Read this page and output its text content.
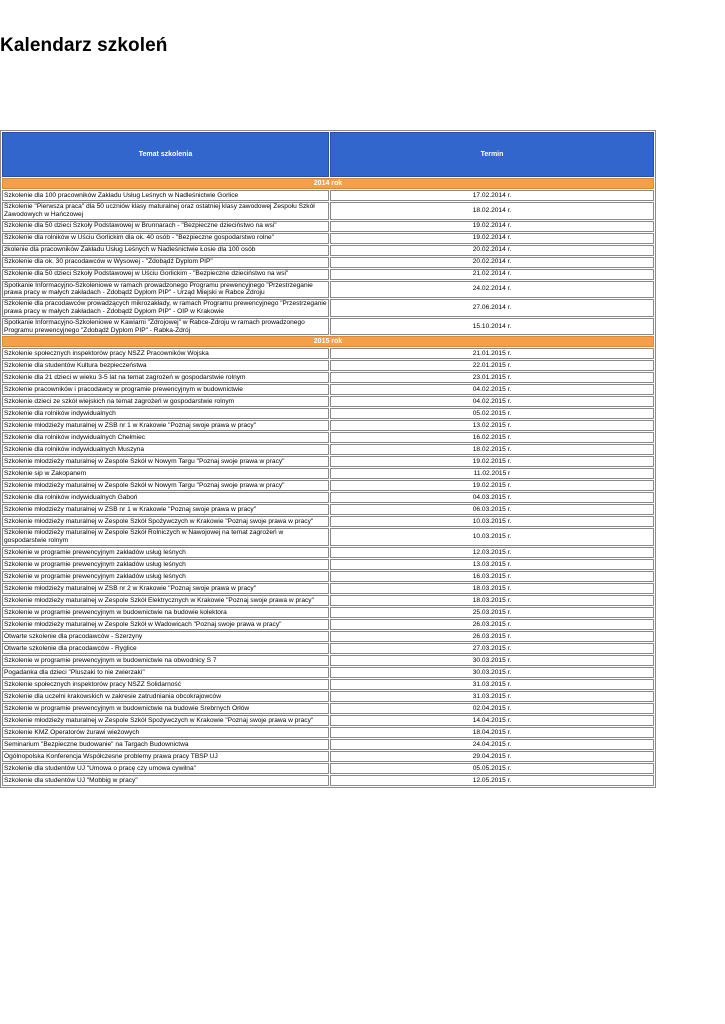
Kalendarz szkoleń
Temat szkolenia	Termin
2014 rok	
Szkolenie dla 100 pracowników Zakładu Usług Leśnych w Nadleśnictwie Gorlice	17.02.2014 r.
Szkolenie "Pierwsza praca" dla 50 uczniów klasy maturalnej oraz ostatniej klasy zawodowej Zespołu Szkół Zawodowych w Hańczowej	18.02.2014 r.
Szkolenie dla 50 dzieci Szkoły Podstawowej w Brunnarach - "Bezpieczne dzieciństwo na wsi"	19.02.2014 r.
Szkolenie dla rolników w Uściu Gorlickim dla ok. 40 osób - "Bezpieczne gospodarstwo rolne"	19.02.2014 r.
zkolenie dla pracowników Zakładu Usług Leśnych w Nadleśnictwie Łosie dla 100 osób	20.02.2014 r.
Szkolenie dla ok. 30 pracodawców w Wysowej - "Zdobądź Dyplom PIP"	20.02.2014 r.
Szkolenie dla 50 dzieci Szkoły Podstawowej w Uściu Gorlickim - "Bezpieczne dzieciństwo na wsi"	21.02.2014 r.
Spotkanie Informacyjno-Szkoleniowe w ramach prowadzonego Programu prewencyjnego "Przestrzeganie prawa pracy w małych zakładach - Zdobądź Dyplom PIP" - Urząd Miejski w Rabce Zdroju	24.02.2014 r.
Szkolenie dla pracodawców prowadzących mikrozakłady, w ramach Programu prewencyjnego "Przestrzeganie prawa pracy w małych zakładach - Zdobądź Dyplom PIP" - OIP w Krakowie	27.06.2014 r.
Spotkanie Informacyjno-Szkoleniowe w Kawiarni "Zdrojowej" w Rabce-Zdroju w ramach prowadzonego Programu prewencyjnego "Zdobądź Dyplom PIP" - Rabka-Zdrój	15.10.2014 r.
2015 rok	
Szkolenie społecznych inspektorów pracy NSZZ Pracowników Wojska	21.01.2015 r.
Szkolenie dla studentów Kultura bezpieczeństwa	22.01.2015 r.
Szkolenie dla 21 dzieci w wieku 3-5 lat na temat zagrożeń w gospodarstwie rolnym	23.01.2015 r.
Szkolenie pracowników i pracodawcy w programie prewencyjnym w budownictwie	04.02.2015 r.
Szkolenie dzieci ze szkół wiejskich na temat zagrożeń w gospodarstwie rolnym	04.02.2015 r.
Szkolenie dla rolników indywidualnych	05.02.2015 r.
Szkolenie młodzieży maturalnej w ZSB nr 1 w Krakowie "Poznaj swoje prawa w pracy"	13.02.2015 r.
Szkolenie dla rolników indywidualnych Chełmiec	16.02.2015 r.
Szkolenie dla rolników indywidualnych Muszyna	18.02.2015 r.
Szkolenie młodzieży maturalnej w Zespole Szkół w Nowym Targu "Poznaj swoje prawa w pracy"	19.02.2015 r.
Szkolenie sip w Zakopanem	11.02.2015 r
Szkolenie młodzieży maturalnej w Zespole Szkół w Nowym Targu "Poznaj swoje prawa w pracy"	19.02.2015 r.
Szkolenie dla rolników indywidualnych Gaboń	04.03.2015 r.
Szkolenie młodzieży maturalnej w ZSB nr 1 w Krakowie "Poznaj swoje prawa w pracy"	06.03.2015 r.
Szkolenie młodzieży maturalnej w Zespole Szkół Spożywczych w Krakowie "Poznaj swoje prawa w pracy"	10.03.2015 r.
Szkolenie młodzieży maturalnej w Zespole Szkół Rolniczych w Nawojowej na temat zagrożeń w gospodarstwie rolnym	10.03.2015 r.
Szkolenie w programie prewencyjnym zakładów usług leśnych	12.03.2015 r.
Szkolenie w programie prewencyjnym zakładów usług leśnych	13.03.2015 r.
Szkolenie w programie prewencyjnym zakładów usług leśnych	16.03.2015 r.
Szkolenie młodzieży maturalnej w ZSB nr 2 w Krakowie "Poznaj swoje prawa w pracy"	18.03.2015 r.
Szkolenie młodzieży maturalnej w Zespole Szkół Elektrycznych w Krakowie "Poznaj swoje prawa w pracy"	18.03.2015 r.
Szkolenie w programie prewencyjnym w budownictwie na budowie kolektora	25.03.2015 r.
Szkolenie młodzieży maturalnej w Zespole Szkół w Wadowicach "Poznaj swoje prawa w pracy"	26.03.2015 r.
Otwarte szkolenie dla pracodawców - Szerzyny	26.03.2015 r.
Otwarte szkolenie dla pracodawców - Ryglice	27.03.2015 r.
Szkolenie w programie prewencyjnym w budownictwie na obwodnicy S 7	30.03.2015 r.
Pogadanka dla dzieci "Pluszaki to nie zwierzaki"	30.03.2015 r.
Szkolenie społecznych inspektorów pracy NSZZ Solidarność	31.03.2015 r.
Szkolenie dla uczelni krakowskich w zakresie zatrudniania obcokrajowców	31.03.2015 r.
Szkolenie w programie prewencyjnym w budownictwie na budowie Srebrnych Orłów	02.04.2015 r.
Szkolenie młodzieży maturalnej w Zespole Szkół Spożywczych w Krakowie "Poznaj swoje prawa w pracy"	14.04.2015 r.
Szkolenie KMZ Operatorów żurawi wieżowych	18.04.2015 r.
Seminarium "Bezpieczne budowanie" na Targach Budownictwa	24.04.2015 r.
Ogólnopolska Konferencja Współczesne problemy prawa pracy TBSP UJ	29.04.2015 r.
Szkolenie dla studentów UJ "Umowa o pracę czy umowa cywilna"	05.05.2015 r.
Szkolenie dla studentów UJ "Mobbig w pracy"	12.05.2015 r.
